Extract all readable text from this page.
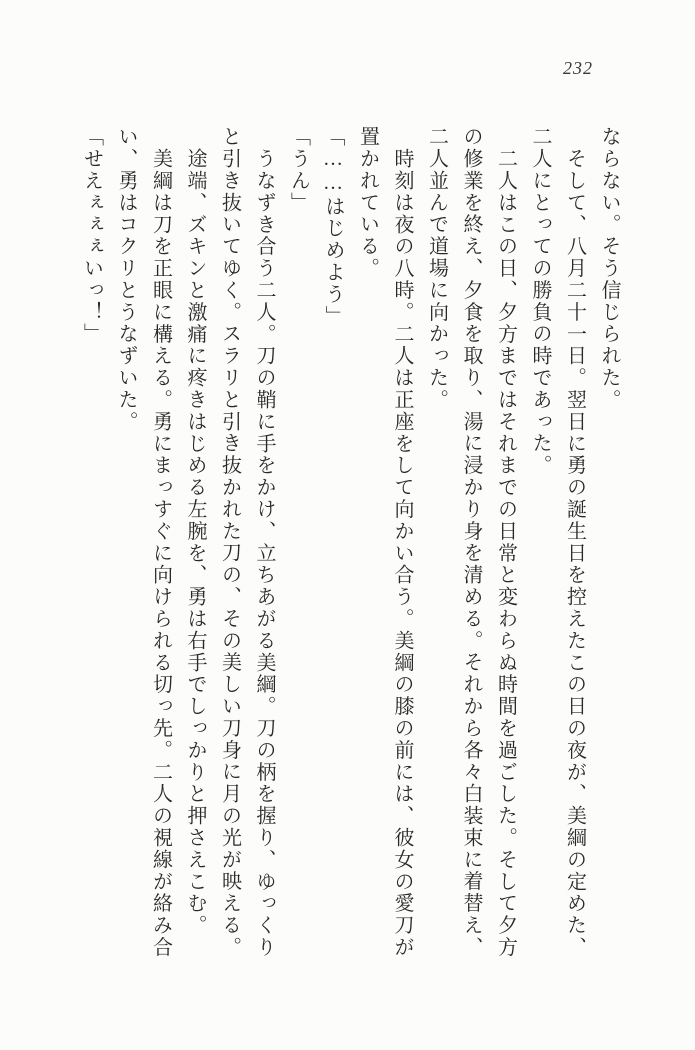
232
ならない。そう信じられた。
そして、八月二十一日。翌日に勇の誕生日を控えたこの日の夜が、美綱の定めた、
二人にとっての勝負の時であった。
二人はこの日、夕方まではそれまでの日常と変わらぬ時間を過ごした。そして夕方
の修業を終え、夕食を取り、湯に浸かり身を清める。それから各々白装束に着替え、
二人並んで道場に向かった。
時刻は夜の八時。二人は正座をして向かい合う。美綱の膝の前には、彼女の愛刀が
置かれている。
「……はじめよう」
「うん」
うなずき合う二人。刀の鞘に手をかけ、立ちあがる美綱。刀の柄を握り、ゆっくり
と引き抜いてゆく。スラリと引き抜かれた刀の、その美しい刀身に月の光が映える。
途端、ズキンと激痛に疼きはじめる左腕を、勇は右手でしっかりと押さえこむ。
美綱は刀を正眼に構える。勇にまっすぐに向けられる切っ先。二人の視線が絡み合
い、勇はコクリとうなずいた。
「せえぇぇぇいっ！」
